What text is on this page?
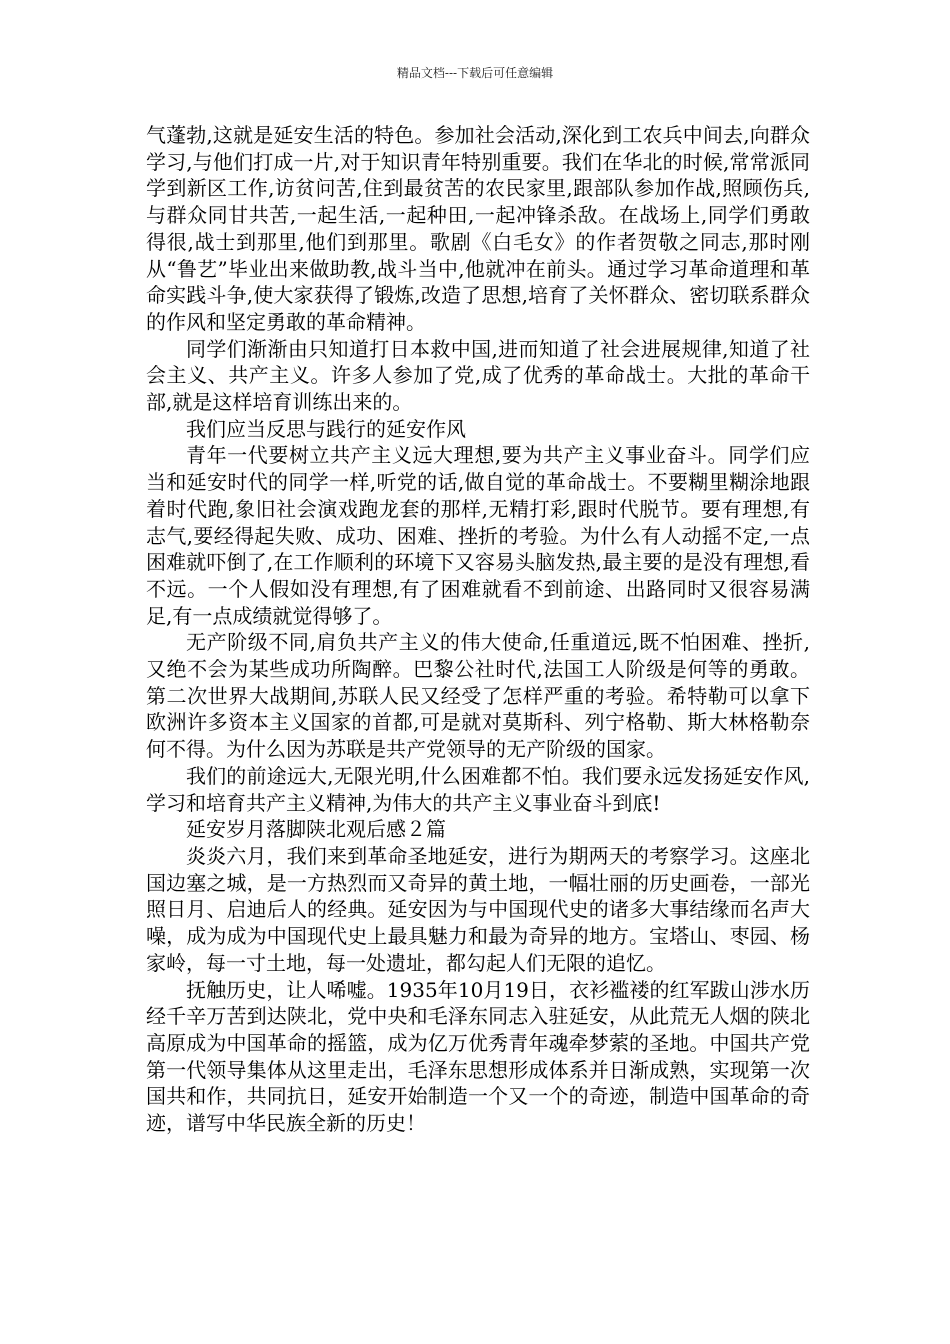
精品文档---下载后可任意编辑

气蓬勃,这就是延安生活的特色。参加社会活动,深化到工农兵中间去,向群众学习,与他们打成一片,对于知识青年特别重要。我们在华北的时候,常常派同学到新区工作,访贫问苦,住到最贫苦的农民家里,跟部队参加作战,照顾伤兵,与群众同甘共苦,一起生活,一起种田,一起冲锋杀敌。在战场上,同学们勇敢得很,战士到那里,他们到那里。歌剧《白毛女》的作者贺敬之同志,那时刚从“鲁艺”毕业出来做助教,战斗当中,他就冲在前头。通过学习革命道理和革命实践斗争,使大家获得了锻炼,改造了思想,培育了关怀群众、密切联系群众的作风和坚定勇敢的革命精神。

同学们渐渐由只知道打日本救中国,进而知道了社会进展规律,知道了社会主义、共产主义。许多人参加了党,成了优秀的革命战士。大批的革命干部,就是这样培育训练出来的。

我们应当反思与践行的延安作风

青年一代要树立共产主义远大理想,要为共产主义事业奋斗。同学们应当和延安时代的同学一样,听党的话,做自觉的革命战士。不要糊里糊涂地跟着时代跑,象旧社会演戏跑龙套的那样,无精打彩,跟时代脱节。要有理想,有志气,要经得起失败、成功、困难、挫折的考验。为什么有人动摇不定,一点困难就吓倒了,在工作顺利的环境下又容易头脑发热,最主要的是没有理想,看不远。一个人假如没有理想,有了困难就看不到前途、出路同时又很容易满足,有一点成绩就觉得够了。

无产阶级不同,肩负共产主义的伟大使命,任重道远,既不怕困难、挫折,又绝不会为某些成功所陶醉。巴黎公社时代,法国工人阶级是何等的勇敢。第二次世界大战期间,苏联人民又经受了怎样严重的考验。希特勒可以拿下欧洲许多资本主义国家的首都,可是就对莫斯科、列宁格勒、斯大林格勒奈何不得。为什么因为苏联是共产党领导的无产阶级的国家。

我们的前途远大,无限光明,什么困难都不怕。我们要永远发扬延安作风,学习和培育共产主义精神,为伟大的共产主义事业奋斗到底!

延安岁月落脚陕北观后感２篇

炎炎六月，我们来到革命圣地延安，进行为期两天的考察学习。这座北国边塞之城，是一方热烈而又奇异的黄土地，一幅壮丽的历史画卷，一部光照日月、启迪后人的经典。延安因为与中国现代史的诸多大事结缘而名声大噪，成为成为中国现代史上最具魅力和最为奇异的地方。宝塔山、枣园、杨家岭，每一寸土地，每一处遗址，都勾起人们无限的追忆。

抚触历史，让人唏嘘。1935年10月19日，衣衫褴褛的红军跋山涉水历经千辛万苦到达陕北，党中央和毛泽东同志入驻延安，从此荒无人烟的陕北高原成为中国革命的摇篮，成为亿万优秀青年魂牵梦萦的圣地。中国共产党第一代领导集体从这里走出，毛泽东思想形成体系并日渐成熟，实现第一次国共和作，共同抗日，延安开始制造一个又一个的奇迹，制造中国革命的奇迹，谱写中华民族全新的历史！
